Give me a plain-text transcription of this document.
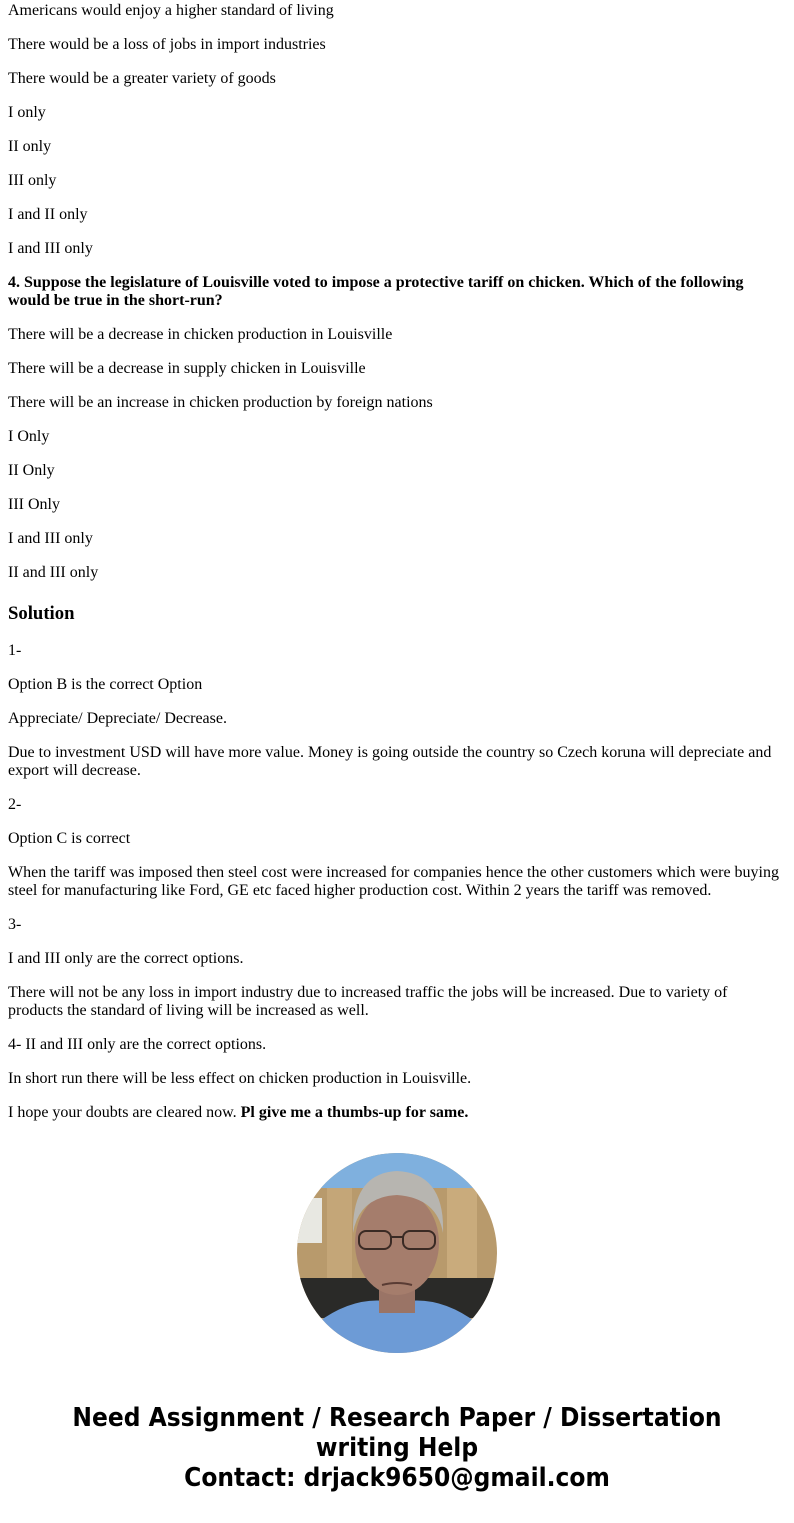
Americans would enjoy a higher standard of living

There would be a loss of jobs in import industries

There would be a greater variety of goods

I only

II only

III only

I and II only

I and III only

4. Suppose the legislature of Louisville voted to impose a protective tariff on chicken. Which of the following would be true in the short-run?

There will be a decrease in chicken production in Louisville

There will be a decrease in supply chicken in Louisville

There will be an increase in chicken production by foreign nations

I Only

II Only

III Only

I and III only

II and III only

Solution

1-

Option B is the correct Option

Appreciate/ Depreciate/ Decrease.

Due to investment USD will have more value. Money is going outside the country so Czech koruna will depreciate and export will decrease.

2-

Option C is correct

When the tariff was imposed then steel cost were increased for companies hence the other customers which were buying steel for manufacturing like Ford, GE etc faced higher production cost. Within 2 years the tariff was removed.

3-

I and III only are the correct options.

There will not be any loss in import industry due to increased traffic the jobs will be increased. Due to variety of products the standard of living will be increased as well.

4- II and III only are the correct options.

In short run there will be less effect on chicken production in Louisville.

I hope your doubts are cleared now. Pl give me a thumbs-up for same.

Need Assignment / Research Paper / Dissertation
writing Help
Contact: drjack9650@gmail.com
